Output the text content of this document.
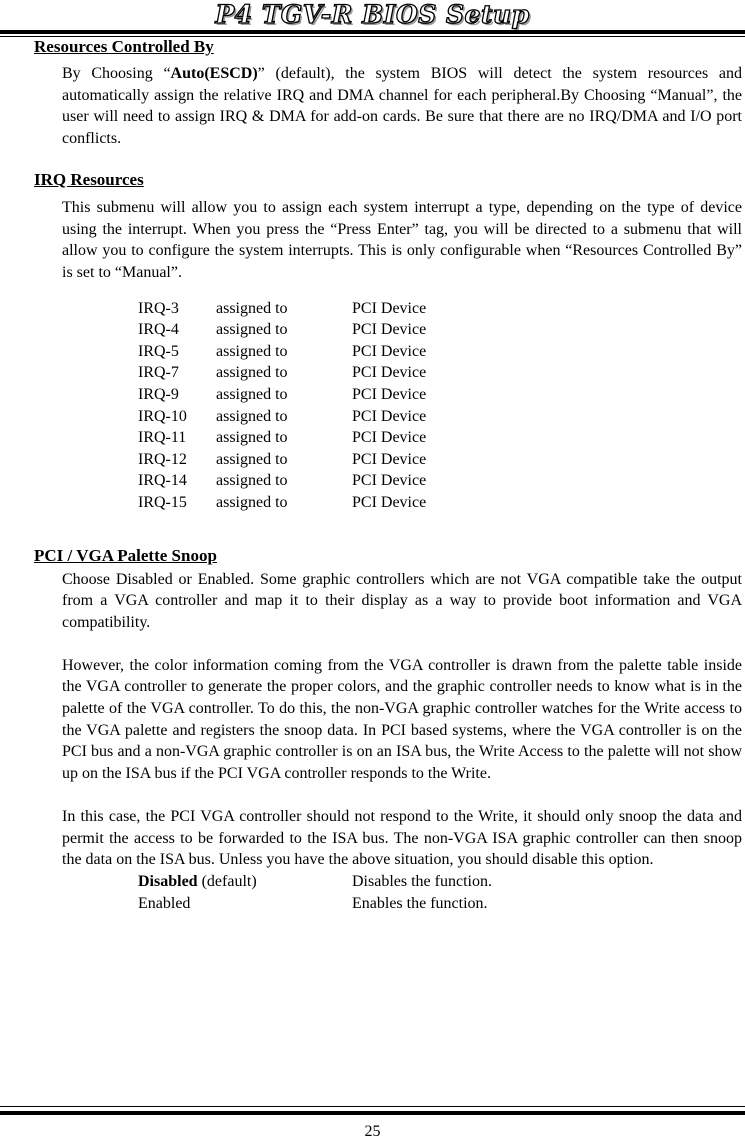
P4 TGV-R BIOS Setup
Resources Controlled By

By Choosing “Auto(ESCD)” (default), the system BIOS will detect the system resources and automatically assign the relative IRQ and DMA channel for each peripheral.By Choosing “Manual”, the user will need to assign IRQ & DMA for add-on cards. Be sure that there are no IRQ/DMA and I/O port conflicts.

IRQ Resources

This submenu will allow you to assign each system interrupt a type, depending on the type of device using the interrupt. When you press the “Press Enter” tag, you will be directed to a submenu that will allow you to configure the system interrupts. This is only configurable when “Resources Controlled By” is set to “Manual”.

IRQ-3	assigned to	PCI Device
IRQ-4	assigned to	PCI Device
IRQ-5	assigned to	PCI Device
IRQ-7	assigned to	PCI Device
IRQ-9	assigned to	PCI Device
IRQ-10	assigned to	PCI Device
IRQ-11	assigned to	PCI Device
IRQ-12	assigned to	PCI Device
IRQ-14	assigned to	PCI Device
IRQ-15	assigned to	PCI Device
PCI / VGA Palette Snoop

Choose Disabled or Enabled. Some graphic controllers which are not VGA compatible take the output from a VGA controller and map it to their display as a way to provide boot information and VGA compatibility.

However, the color information coming from the VGA controller is drawn from the palette table inside the VGA controller to generate the proper colors, and the graphic controller needs to know what is in the palette of the VGA controller. To do this, the non-VGA graphic controller watches for the Write access to the VGA palette and registers the snoop data. In PCI based systems, where the VGA controller is on the PCI bus and a non-VGA graphic controller is on an ISA bus, the Write Access to the palette will not show up on the ISA bus if the PCI VGA controller responds to the Write.

In this case, the PCI VGA controller should not respond to the Write, it should only snoop the data and permit the access to be forwarded to the ISA bus. The non-VGA ISA graphic controller can then snoop the data on the ISA bus. Unless you have the above situation, you should disable this option.

Disabled (default)	Disables the function.
Enabled	Enables the function.
25
